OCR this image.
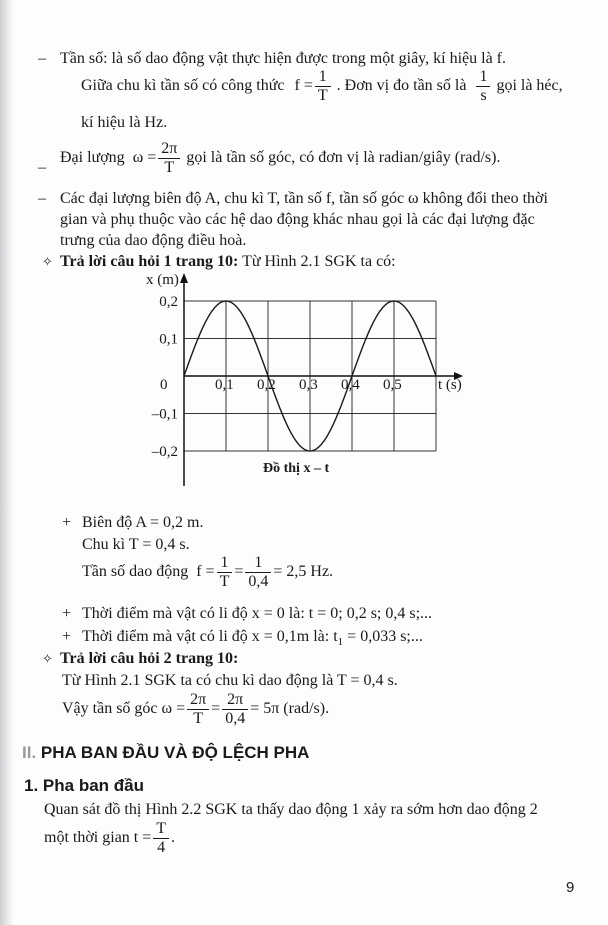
– Tần số: là số dao động vật thực hiện được trong một giây, kí hiệu là f.
Giữa chu kì tần số có công thức $f = \frac{1}{T}$ . Đơn vị đo tần số là $\frac{1}{s}$ gọi là héc,
kí hiệu là Hz.
–
Đại lượng $\omega = \frac{2\pi}{T}$ gọi là tần số góc, có đơn vị là radian/giây (rad/s).
– Các đại lượng biên độ A, chu kì T, tần số f, tần số góc ω không đổi theo thời
gian và phụ thuộc vào các hệ dao động khác nhau gọi là các đại lượng đặc
trưng của dao động điều hoà.
✧ Trả lời câu hỏi 1 trang 10: Từ Hình 2.1 SGK ta có:
x (m)
t (s)
0	0,1 0,2 0,3 0,4 0,5
0,2
0,1
–0,1
–0,2
Đồ thị x – t
+ Biên độ A = 0,2 m.
Chu kì T = 0,4 s.
Tần số dao động $f = \frac{1}{T} = \frac{1}{0,4} = 2,5$ Hz.
+ Thời điểm mà vật có li độ x = 0 là: t = 0; 0,2 s; 0,4 s;...
+ Thời điểm mà vật có li độ x = 0,1m là: $t_1 = 0,033$ s;...
✧ Trả lời câu hỏi 2 trang 10:
Từ Hình 2.1 SGK ta có chu kì dao động là T = 0,4 s.
Vậy tần số góc $\omega = \frac{2\pi}{T} = \frac{2\pi}{0,4} = 5\pi$ (rad/s).
II. PHA BAN ĐẦU VÀ ĐỘ LỆCH PHA
1. Pha ban đầu
Quan sát đồ thị Hình 2.2 SGK ta thấy dao động 1 xảy ra sớm hơn dao động 2
một thời gian $t = \frac{T}{4}$ .
9
